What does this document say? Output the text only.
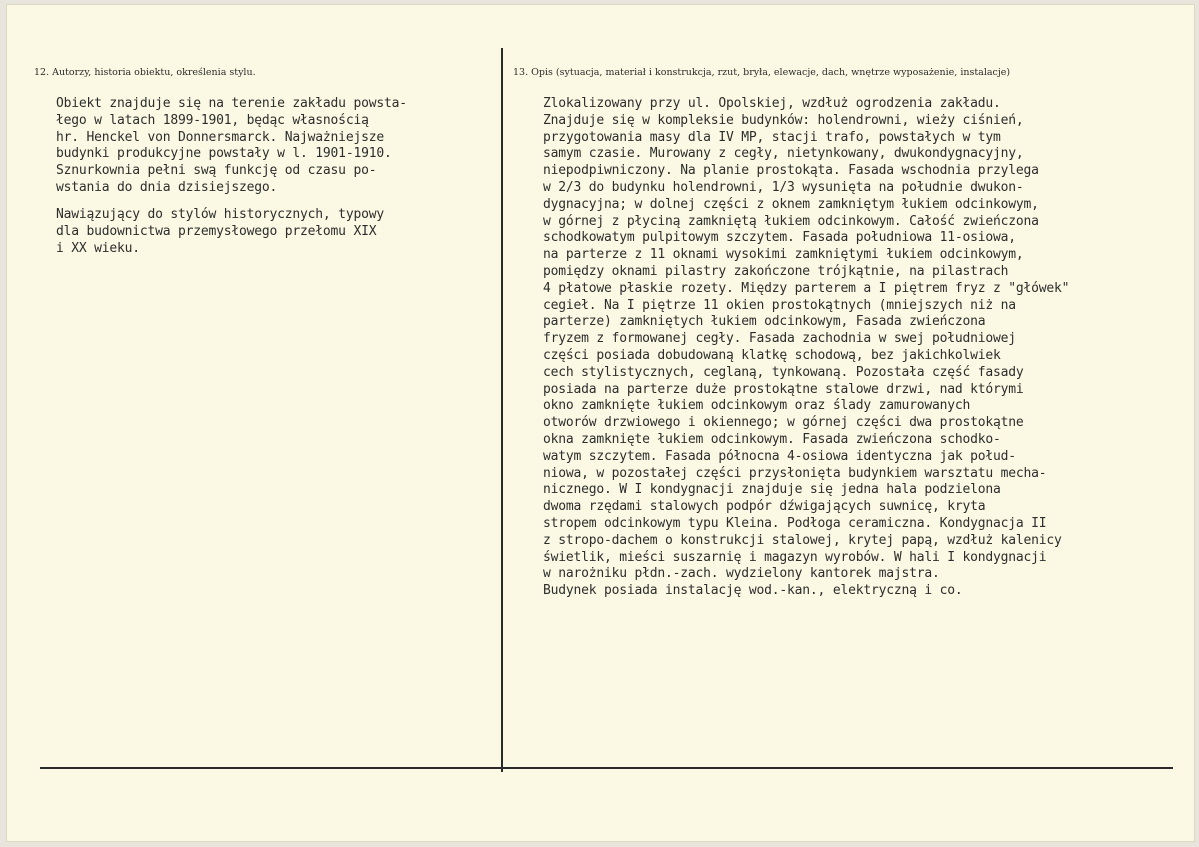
12. Autorzy, historia obiektu, określenia stylu.	13. Opis (sytuacja, materiał i konstrukcja, rzut, bryła, elewacje, dach, wnętrze wyposażenie, instalacje)
Obiekt znajduje się na terenie zakładu powsta-
łego w latach 1899-1901, będąc własnością
hr. Henckel von Donnersmarck. Najważniejsze
budynki produkcyjne powstały w l. 1901-1910.
Sznurkownia pełni swą funkcję od czasu po-
wstania do dnia dzisiejszego.
Nawiązujący do stylów historycznych, typowy
dla budownictwa przemysłowego przełomu XIX
i XX wieku.
Zlokalizowany przy ul. Opolskiej, wzdłuż ogrodzenia zakładu.
Znajduje się w kompleksie budynków: holendrowni, wieży ciśnień,
przygotowania masy dla IV MP, stacji trafo, powstałych w tym
samym czasie. Murowany z cegły, nietynkowany, dwukondygnacyjny,
niepodpiwniczony. Na planie prostokąta. Fasada wschodnia przylega
w 2/3 do budynku holendrowni, 1/3 wysunięta na południe dwukon-
dygnacyjna; w dolnej części z oknem zamkniętym łukiem odcinkowym,
w górnej z płyciną zamkniętą łukiem odcinkowym. Całość zwieńczona
schodkowatym pulpitowym szczytem. Fasada południowa 11-osiowa,
na parterze z 11 oknami wysokimi zamkniętymi łukiem odcinkowym,
pomiędzy oknami pilastry zakończone trójkątnie, na pilastrach
4 płatowe płaskie rozety. Między parterem a I piętrem fryz z "główek"
cegieł. Na I piętrze 11 okien prostokątnych (mniejszych niż na
parterze) zamkniętych łukiem odcinkowym, Fasada zwieńczona
fryzem z formowanej cegły. Fasada zachodnia w swej południowej
części posiada dobudowaną klatkę schodową, bez jakichkolwiek
cech stylistycznych, ceglaną, tynkowaną. Pozostała część fasady
posiada na parterze duże prostokątne stalowe drzwi, nad którymi
okno zamknięte łukiem odcinkowym oraz ślady zamurowanych
otworów drzwiowego i okiennego; w górnej części dwa prostokątne
okna zamknięte łukiem odcinkowym. Fasada zwieńczona schodko-
watym szczytem. Fasada północna 4-osiowa identyczna jak połud-
niowa, w pozostałej części przysłonięta budynkiem warsztatu mecha-
nicznego. W I kondygnacji znajduje się jedna hala podzielona
dwoma rzędami stalowych podpór dźwigających suwnicę, kryta
stropem odcinkowym typu Kleina. Podłoga ceramiczna. Kondygnacja II
z stropo-dachem o konstrukcji stalowej, krytej papą, wzdłuż kalenicy
świetlik, mieści suszarnię i magazyn wyrobów. W hali I kondygnacji
w narożniku płdn.-zach. wydzielony kantorek majstra.
Budynek posiada instalację wod.-kan., elektryczną i co.
